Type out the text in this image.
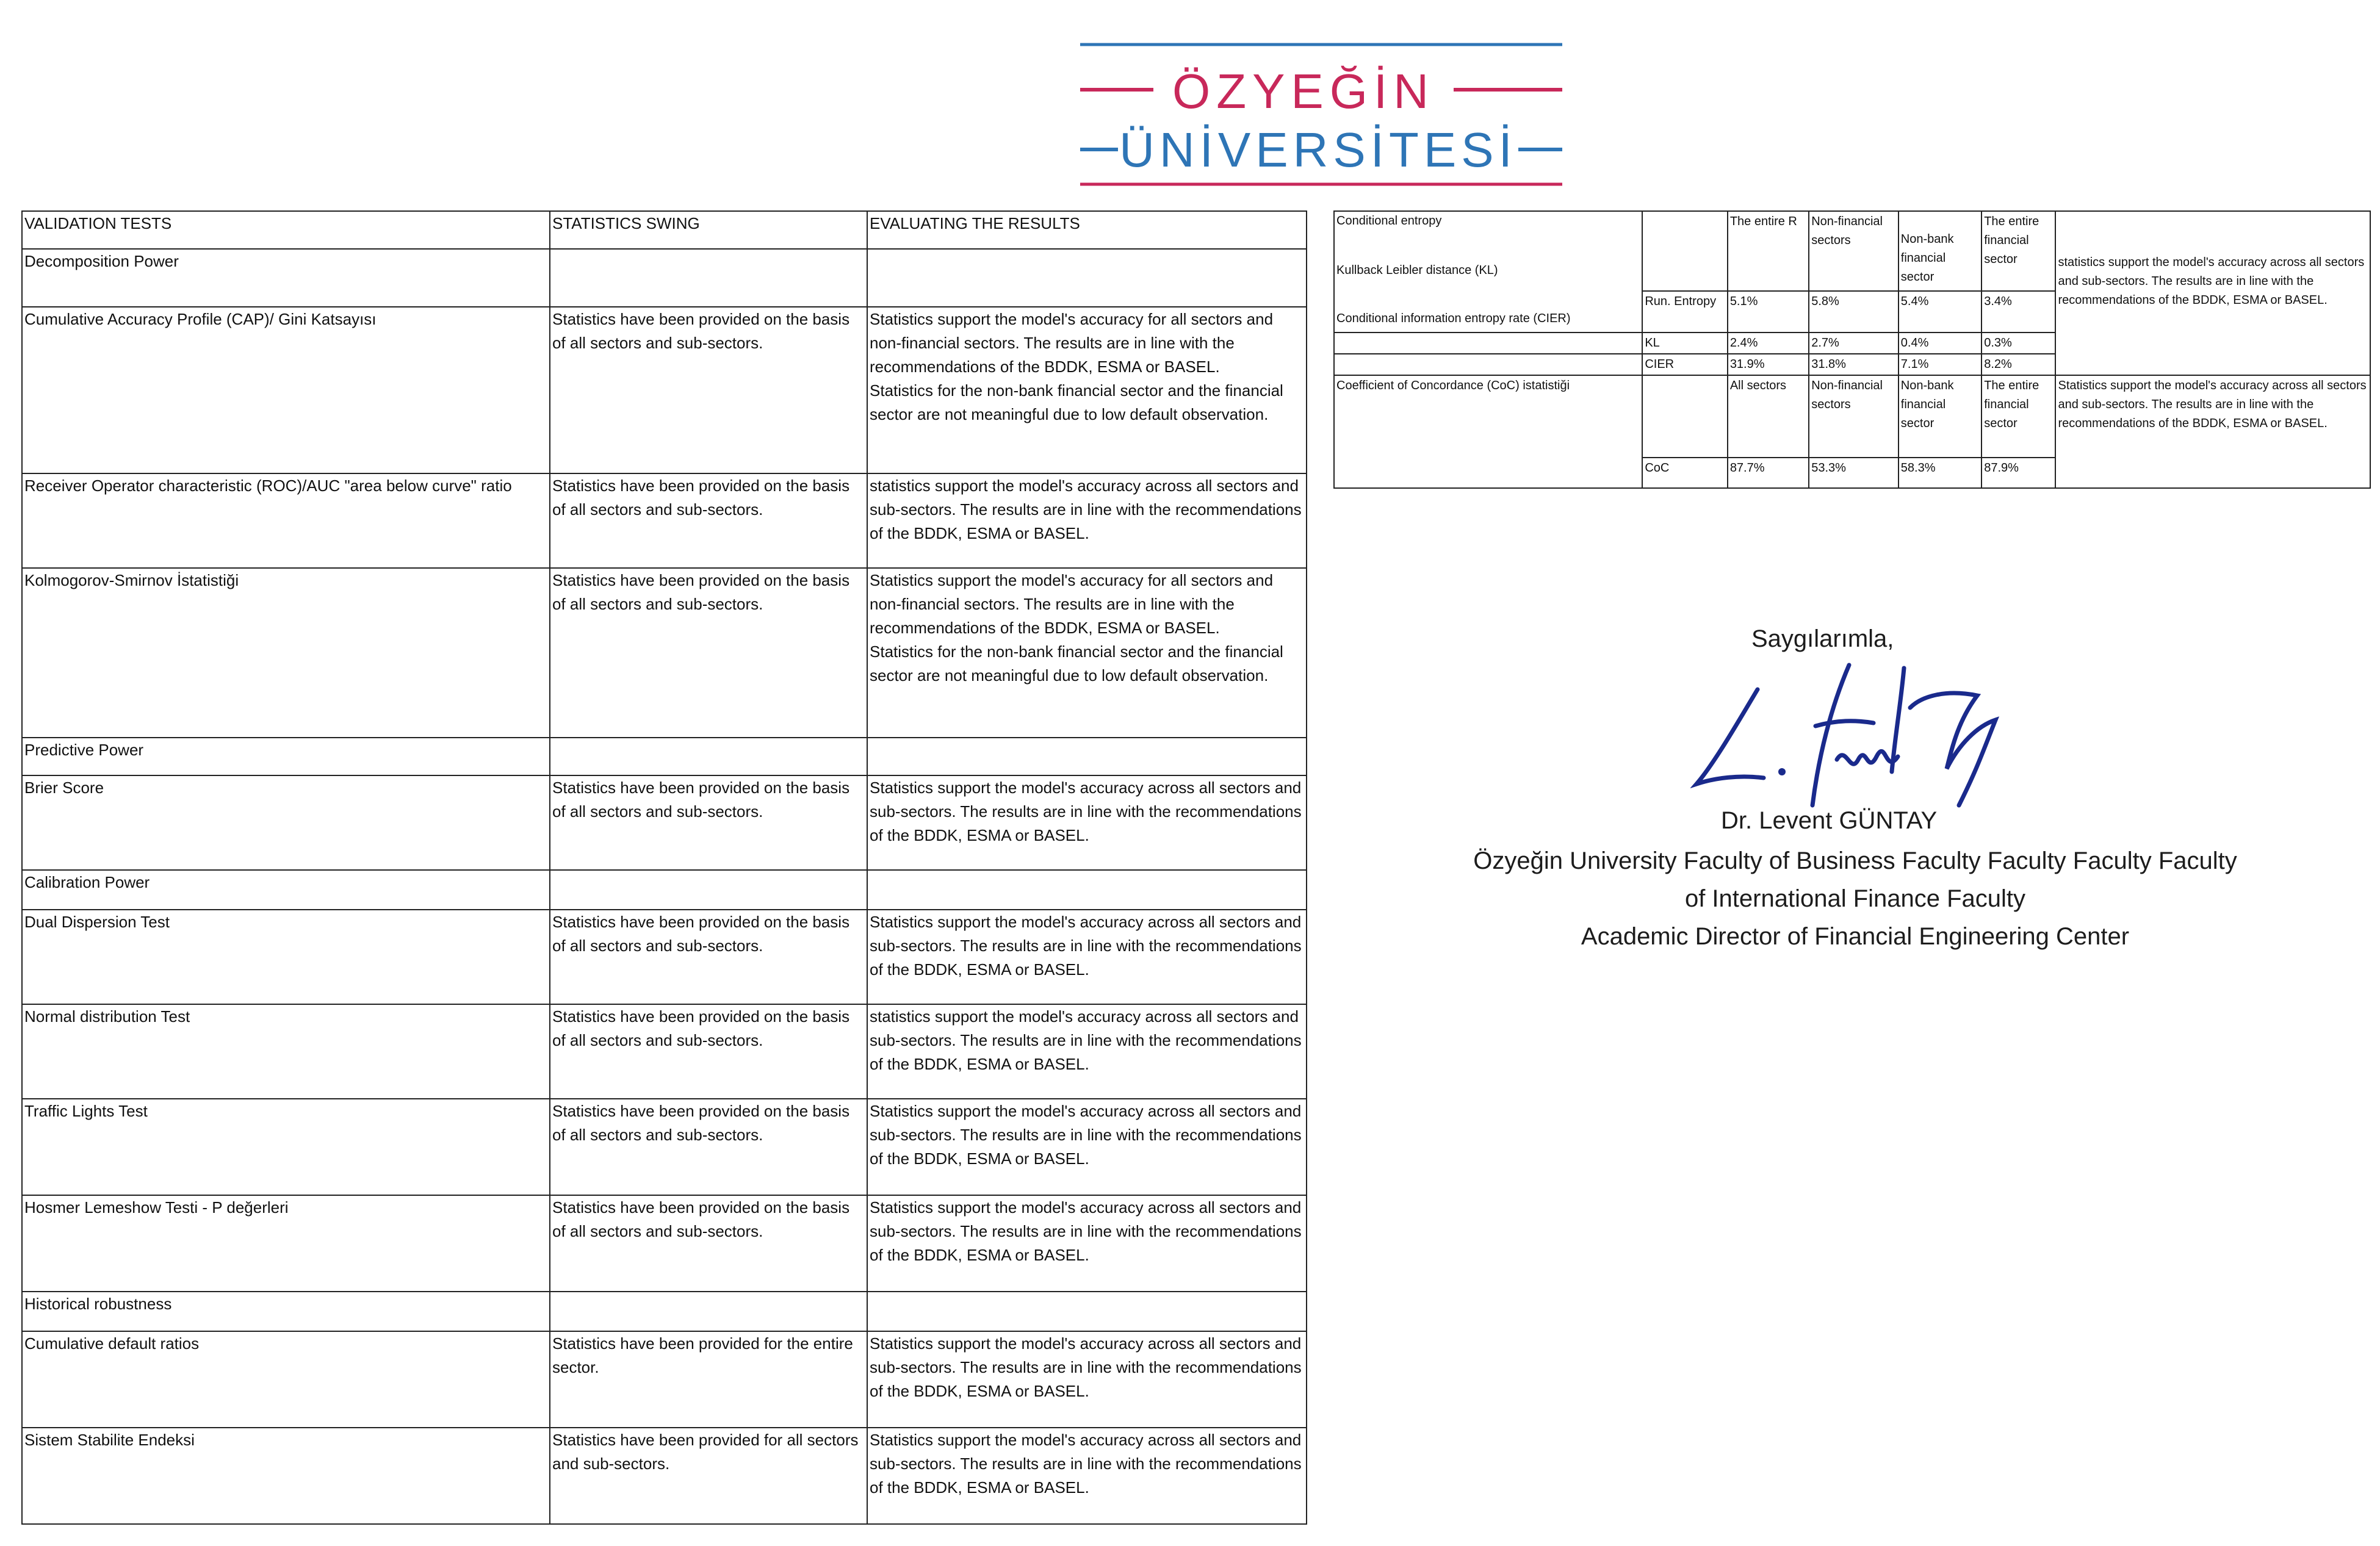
ÖZYEĞİN
ÜNİVERSİTESİ
VALIDATION TESTS	STATISTICS SWING	EVALUATING THE RESULTS
Decomposition Power		
Cumulative Accuracy Profile (CAP)/ Gini Katsayısı	Statistics have been provided on the basis of all sectors and sub-sectors.	Statistics support the model's accuracy for all sectors and non-financial sectors. The results are in line with the recommendations of the BDDK, ESMA or BASEL.
Statistics for the non-bank financial sector and the financial sector are not meaningful due to low default observation.

Receiver Operator characteristic (ROC)/AUC "area below curve" ratio	Statistics have been provided on the basis of all sectors and sub-sectors.	statistics support the model's accuracy across all sectors and sub-sectors. The results are in line with the recommendations of the BDDK, ESMA or BASEL.

Kolmogorov-Smirnov İstatistiği	Statistics have been provided on the basis of all sectors and sub-sectors.	Statistics support the model's accuracy for all sectors and non-financial sectors. The results are in line with the recommendations of the BDDK, ESMA or BASEL.
Statistics for the non-bank financial sector and the financial sector are not meaningful due to low default observation.

Predictive Power		
Brier Score	Statistics have been provided on the basis of all sectors and sub-sectors.	Statistics support the model's accuracy across all sectors and sub-sectors. The results are in line with the recommendations of the BDDK, ESMA or BASEL.

Calibration Power		
Dual Dispersion Test	Statistics have been provided on the basis of all sectors and sub-sectors.	Statistics support the model's accuracy across all sectors and sub-sectors. The results are in line with the recommendations of the BDDK, ESMA or BASEL.

Normal distribution Test	Statistics have been provided on the basis of all sectors and sub-sectors.	statistics support the model's accuracy across all sectors and sub-sectors. The results are in line with the recommendations of the BDDK, ESMA or BASEL.

Traffic Lights Test	Statistics have been provided on the basis of all sectors and sub-sectors.	Statistics support the model's accuracy across all sectors and sub-sectors. The results are in line with the recommendations of the BDDK, ESMA or BASEL.

Hosmer Lemeshow Testi - P değerleri	Statistics have been provided on the basis of all sectors and sub-sectors.	Statistics support the model's accuracy across all sectors and sub-sectors. The results are in line with the recommendations of the BDDK, ESMA or BASEL.

Historical robustness		
Cumulative default ratios	Statistics have been provided for the entire sector.	Statistics support the model's accuracy across all sectors and sub-sectors. The results are in line with the recommendations of the BDDK, ESMA or BASEL.

Sistem Stabilite Endeksi	Statistics have been provided for all sectors and sub-sectors.	Statistics support the model's accuracy across all sectors and sub-sectors. The results are in line with the recommendations of the BDDK, ESMA or BASEL.
Conditional entropy
Kullback Leibler distance (KL)
Conditional information entropy rate (CIER)		The entire R	Non-financial sectors	Non-bank financial sector	The entire financial sector	statistics support the model's accuracy across all sectors and sub-sectors. The results are in line with the recommendations of the BDDK, ESMA or BASEL.

	Run. Entropy	5.1%	5.8%	5.4%	3.4%	
	KL	2.4%	2.7%	0.4%	0.3%	
	CIER	31.9%	31.8%	7.1%	8.2%	
Coefficient of Concordance (CoC) istatistiği		All sectors	Non-financial sectors	Non-bank financial sector	The entire financial sector	Statistics support the model's accuracy across all sectors and sub-sectors. The results are in line with the recommendations of the BDDK, ESMA or BASEL.
	CoC	87.7%	53.3%	58.3%	87.9%	
Saygılarımla,
Dr. Levent GÜNTAY
Özyeğin University Faculty of Business Faculty Faculty Faculty Faculty
of International Finance Faculty
Academic Director of Financial Engineering Center
